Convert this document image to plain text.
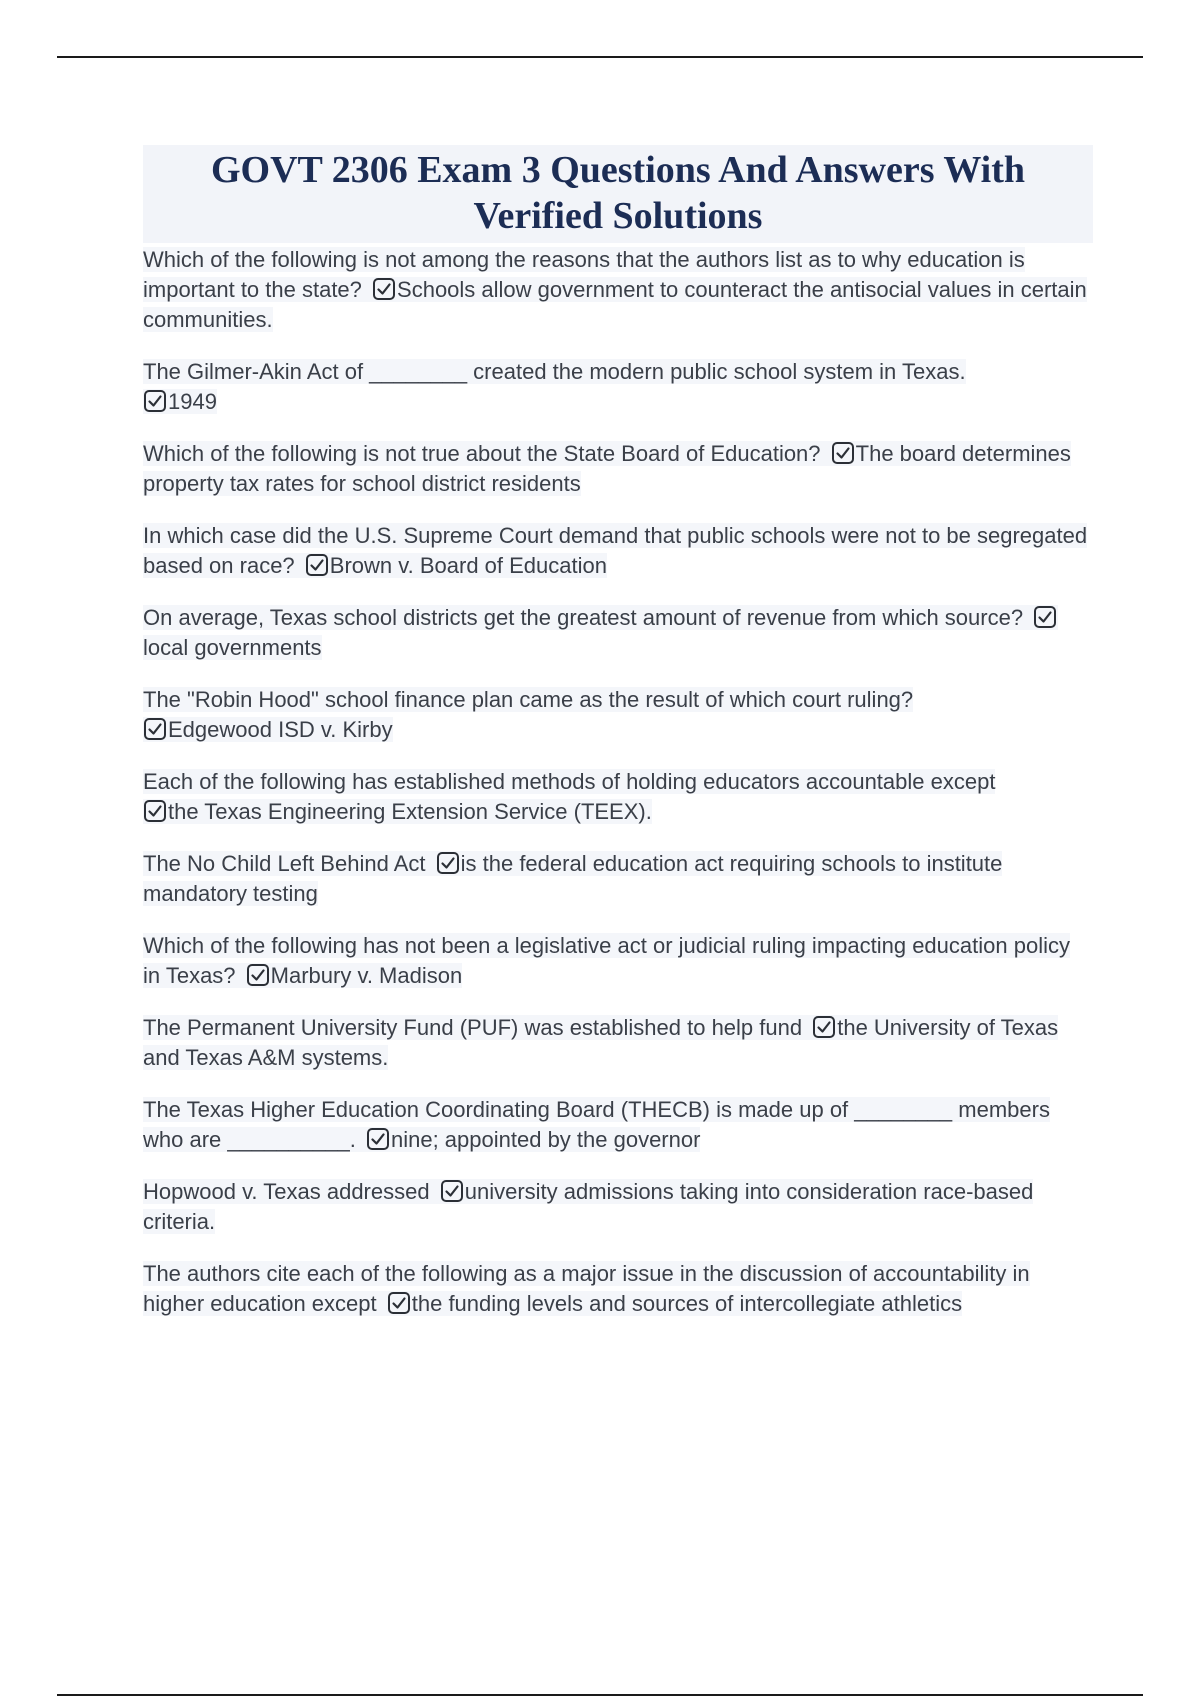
GOVT 2306 Exam 3 Questions And Answers With Verified Solutions
Which of the following is not among the reasons that the authors list as to why education is important to the state? Schools allow government to counteract the antisocial values in certain communities.
The Gilmer-Akin Act of ________ created the modern public school system in Texas.

1949
Which of the following is not true about the State Board of Education? The board determines property tax rates for school district residents
In which case did the U.S. Supreme Court demand that public schools were not to be segregated based on race? Brown v. Board of Education
On average, Texas school districts get the greatest amount of revenue from which source?
local governments
The "Robin Hood" school finance plan came as the result of which court ruling?

Edgewood ISD v. Kirby
Each of the following has established methods of holding educators accountable except

the Texas Engineering Extension Service (TEEX).
The No Child Left Behind Act is the federal education act requiring schools to institute mandatory testing
Which of the following has not been a legislative act or judicial ruling impacting education policy in Texas? Marbury v. Madison
The Permanent University Fund (PUF) was established to help fund the University of Texas and Texas A&M systems.
The Texas Higher Education Coordinating Board (THECB) is made up of ________ members who are __________. nine; appointed by the governor
Hopwood v. Texas addressed university admissions taking into consideration race-based criteria.
The authors cite each of the following as a major issue in the discussion of accountability in higher education except the funding levels and sources of intercollegiate athletics
